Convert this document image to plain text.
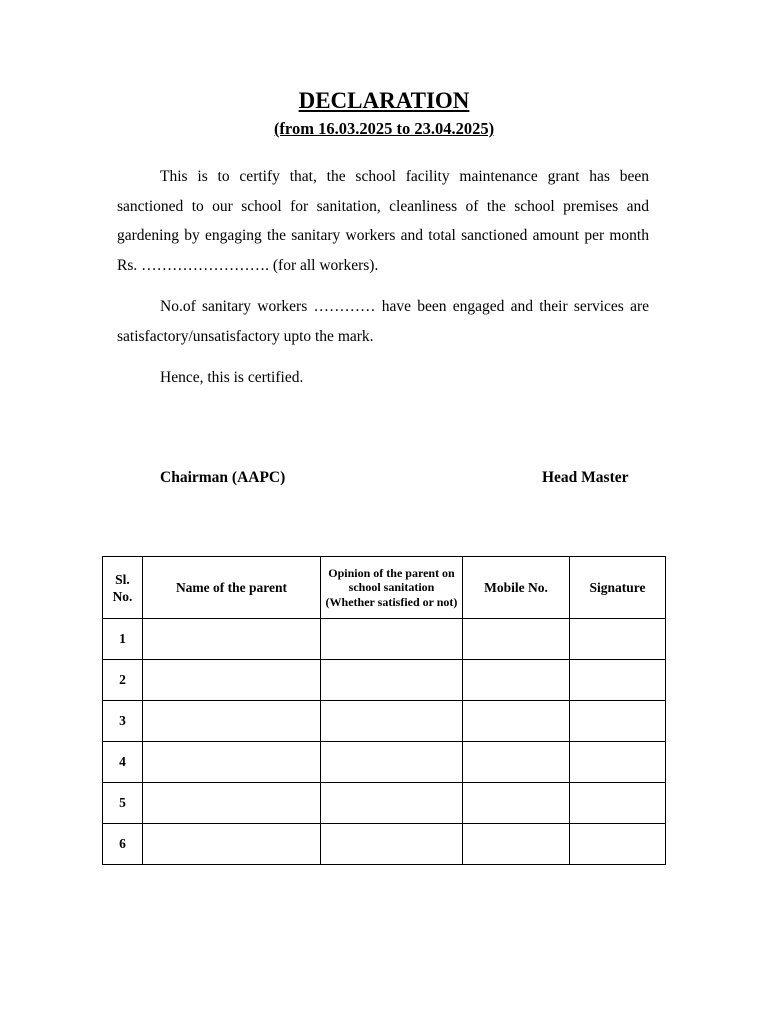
DECLARATION
(from 16.03.2025 to 23.04.2025)

This is to certify that, the school facility maintenance grant has been sanctioned to our school for sanitation, cleanliness of the school premises and gardening by engaging the sanitary workers and total sanctioned amount per month Rs. ……………………. (for all workers).

No.of sanitary workers ………… have been engaged and their services are satisfactory/unsatisfactory upto the mark.

Hence, this is certified.

Chairman (AAPC)	Head Master
Sl.
No.	Name of the parent	Opinion of the parent on school sanitation (Whether satisfied or not)	Mobile No.	Signature
1				
2				
3				
4				
5				
6				
